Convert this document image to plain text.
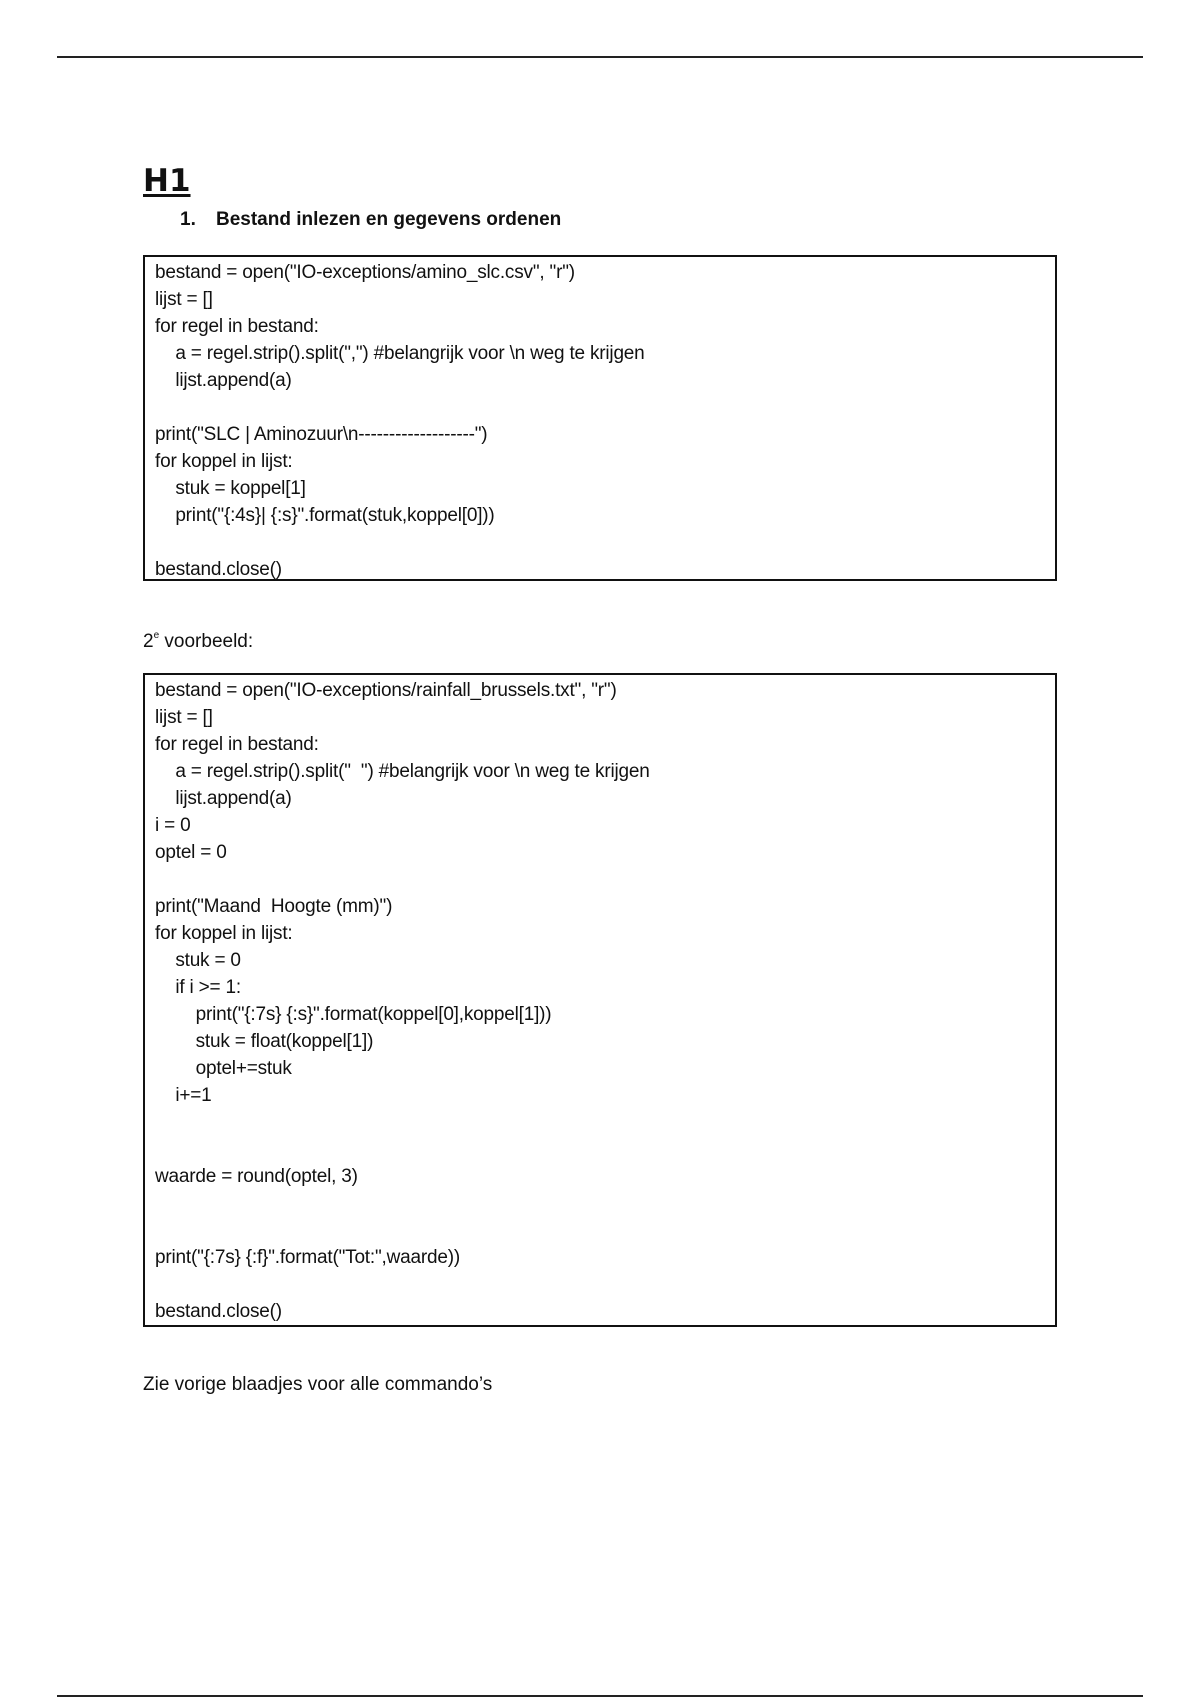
H1
1.	Bestand inlezen en gegevens ordenen
bestand = open("IO-exceptions/amino_slc.csv", "r")
lijst = []
for regel in bestand:
a = regel.strip().split(",") #belangrijk voor \n weg te krijgen
lijst.append(a)
print("SLC | Aminozuur\n-------------------")
for koppel in lijst:
stuk = koppel[1]
print("{:4s}| {:s}".format(stuk,koppel[0]))
bestand.close()

2e voorbeeld:

bestand = open("IO-exceptions/rainfall_brussels.txt", "r")
lijst = []
for regel in bestand:
a = regel.strip().split("  ") #belangrijk voor \n weg te krijgen
lijst.append(a)
i = 0
optel = 0
print("Maand  Hoogte (mm)")
for koppel in lijst:
stuk = 0
if i >= 1:
print("{:7s} {:s}".format(koppel[0],koppel[1]))
stuk = float(koppel[1])
optel+=stuk
i+=1
waarde = round(optel, 3)
print("{:7s} {:f}".format("Tot:",waarde))
bestand.close()

Zie vorige blaadjes voor alle commando’s
